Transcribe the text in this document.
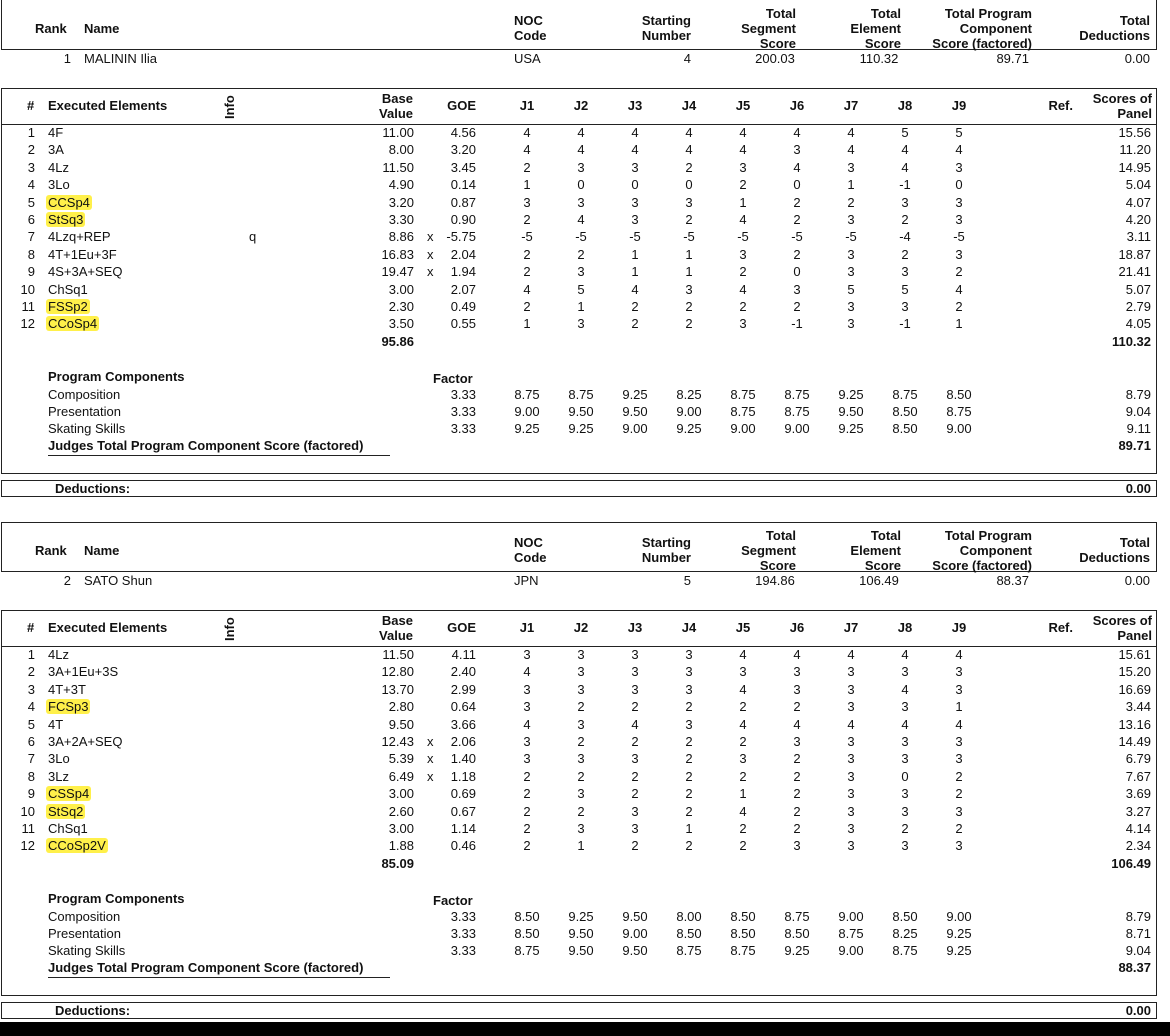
Rank Name
NOC
Code
Starting
Number
Total
Segment
Score
Total
Element
Score
Total Program
Component
Score (factored)
Total
Deductions
1 MALININ Ilia	USA	4	200.03	110.32	89.71	0.00
# Executed Elements	Info	Base
Value
GOE	J1	J2	J3	J4	J5	J6	J7	J8	J9	Ref.	Scores of
Panel
1 4F	11.00	4.56	4	4	4	4	4	4	4	5	5	15.56
2 3A	8.00	3.20	4	4	4	4	4	3	4	4	4	11.20
3 4Lz	11.50	3.45	2	3	3	2	3	4	3	4	3	14.95
4 3Lo	4.90	0.14	1	0	0	0	2	0	1	-1	0	5.04
5 CCSp4	3.20	0.87	3	3	3	3	1	2	2	3	3	4.07
6 StSq3	3.30	0.90	2	4	3	2	4	2	3	2	3	4.20
7 4Lzq+REP	q	8.86 x -5.75	-5	-5	-5	-5	-5	-5	-5	-4	-5	3.11
8 4T+1Eu+3F	16.83 x	2.04	2	2	1	1	3	2	3	2	3	18.87
9 4S+3A+SEQ	19.47 x	1.94	2	3	1	1	2	0	3	3	2	21.41
10 ChSq1	3.00	2.07	4	5	4	3	4	3	5	5	4	5.07
11 FSSp2	2.30	0.49	2	1	2	2	2	2	3	3	2	2.79
12 CCoSp4	3.50	0.55	1	3	2	2	3	-1	3	-1	1	4.05
95.86	110.32
Program Components	Factor
Composition	3.33	8.75	8.75	9.25	8.25	8.75	8.75	9.25	8.75	8.50	8.79
Presentation	3.33	9.00	9.50	9.50	9.00	8.75	8.75	9.50	8.50	8.75	9.04
Skating Skills	3.33	9.25	9.25	9.00	9.25	9.00	9.00	9.25	8.50	9.00	9.11
Judges Total Program Component Score (factored)	89.71
Deductions:	0.00
Rank Name
NOC
Code
Starting
Number
Total
Segment
Score
Total
Element
Score
Total Program
Component
Score (factored)
Total
Deductions
2 SATO Shun	JPN	5	194.86	106.49	88.37	0.00
# Executed Elements	Info	Base
Value
GOE	J1	J2	J3	J4	J5	J6	J7	J8	J9	Ref.	Scores of
Panel
1 4Lz	11.50	4.11	3	3	3	3	4	4	4	4	4	15.61
2 3A+1Eu+3S	12.80	2.40	4	3	3	3	3	3	3	3	3	15.20
3 4T+3T	13.70	2.99	3	3	3	3	4	3	3	4	3	16.69
4 FCSp3	2.80	0.64	3	2	2	2	2	2	3	3	1	3.44
5 4T	9.50	3.66	4	3	4	3	4	4	4	4	4	13.16
6 3A+2A+SEQ	12.43 x	2.06	3	2	2	2	2	3	3	3	3	14.49
7 3Lo	5.39 x	1.40	3	3	3	2	3	2	3	3	3	6.79
8 3Lz	6.49 x	1.18	2	2	2	2	2	2	3	0	2	7.67
9 CSSp4	3.00	0.69	2	3	2	2	1	2	3	3	2	3.69
10 StSq2	2.60	0.67	2	2	3	2	4	2	3	3	3	3.27
11 ChSq1	3.00	1.14	2	3	3	1	2	2	3	2	2	4.14
12 CCoSp2V	1.88	0.46	2	1	2	2	2	3	3	3	3	2.34
85.09	106.49
Program Components	Factor
Composition	3.33	8.50	9.25	9.50	8.00	8.50	8.75	9.00	8.50	9.00	8.79
Presentation	3.33	8.50	9.50	9.00	8.50	8.50	8.50	8.75	8.25	9.25	8.71
Skating Skills	3.33	8.75	9.50	9.50	8.75	8.75	9.25	9.00	8.75	9.25	9.04
Judges Total Program Component Score (factored)	88.37
Deductions:	0.00
